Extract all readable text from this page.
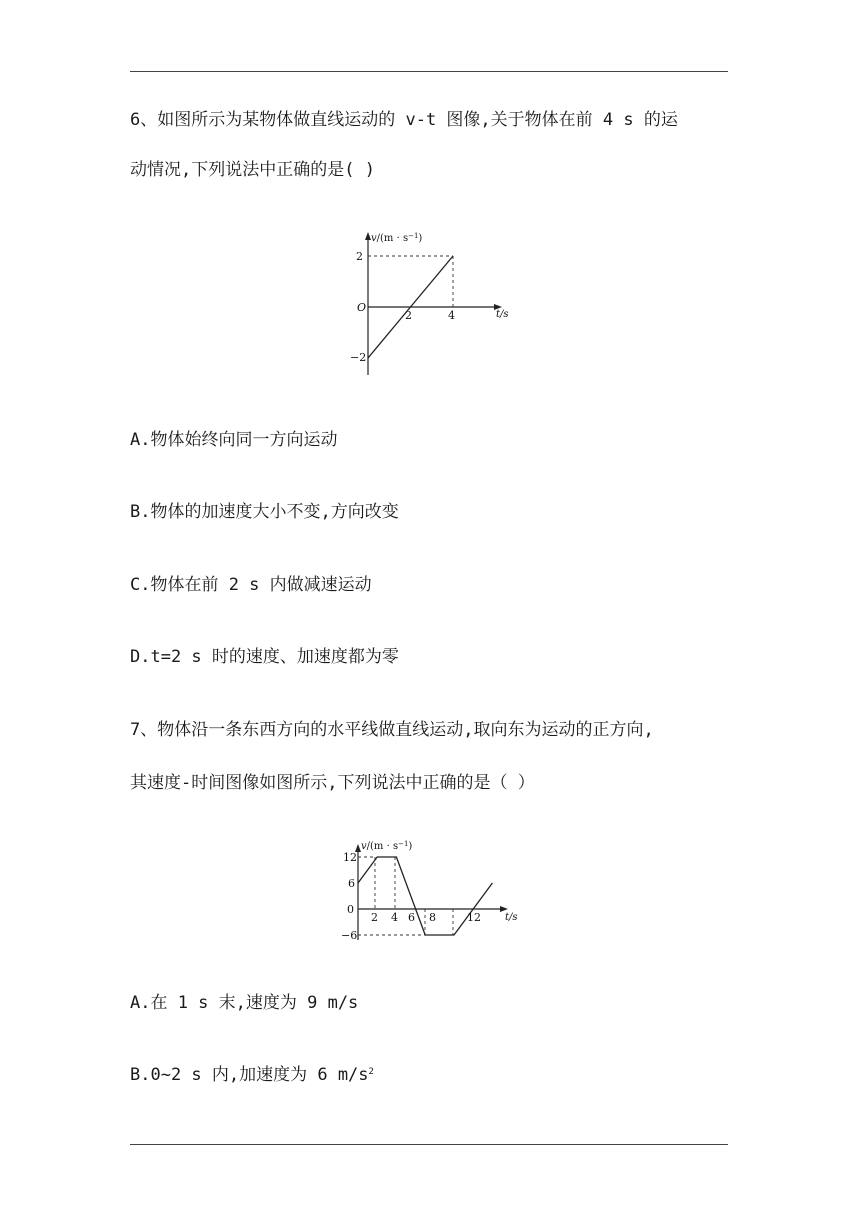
6、如图所示为某物体做直线运动的 v-t 图像,关于物体在前 4 s 的运
动情况,下列说法中正确的是( )
$v/(m \cdot s^{-1})$
t/s
O
2
−2
2	4
A.物体始终向同一方向运动
B.物体的加速度大小不变,方向改变
C.物体在前 2 s 内做减速运动
D.t=2 s 时的速度、加速度都为零
7、物体沿一条东西方向的水平线做直线运动,取向东为运动的正方向,
其速度-时间图像如图所示,下列说法中正确的是（ ）
$v/(m \cdot s^{-1})$
t/s
0
12
6
−6
2 4 6 8	12
A.在 1 s 末,速度为 9 m/s
B.0~2 s 内,加速度为 6 $m/s^2$
